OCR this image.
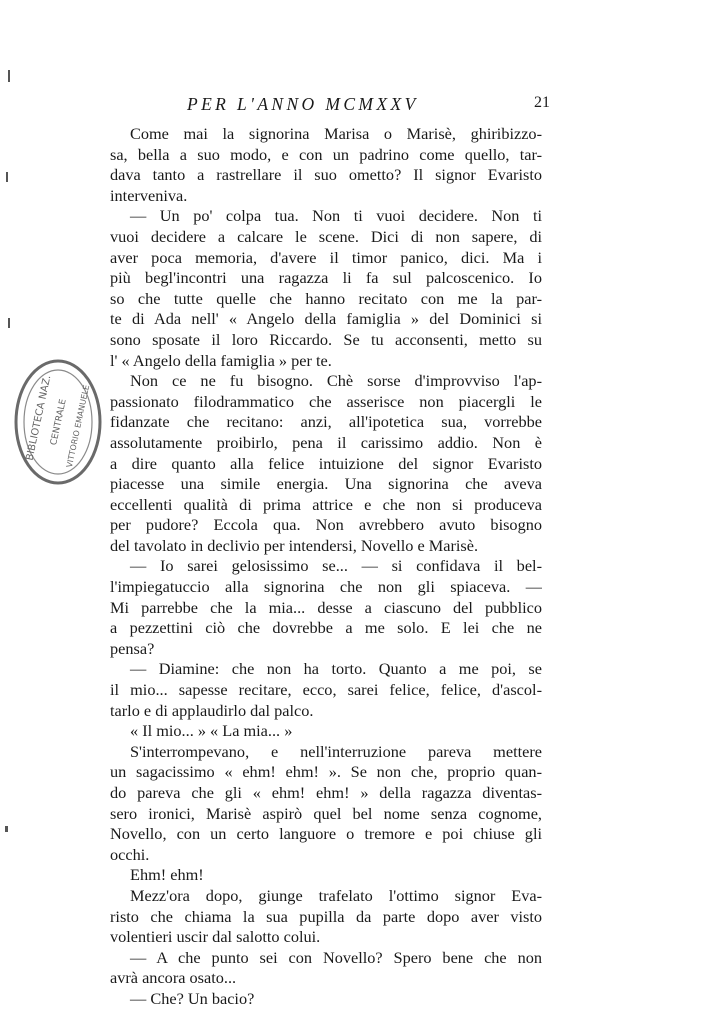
PER L'ANNO MCMXXV	21
Come mai la signorina Marisa o Marisè, ghiribizzo-
sa, bella a suo modo, e con un padrino come quello, tar-
dava tanto a rastrellare il suo ometto? Il signor Evaristo
interveniva.
— Un po' colpa tua. Non ti vuoi decidere. Non ti
vuoi decidere a calcare le scene. Dici di non sapere, di
aver poca memoria, d'avere il timor panico, dici. Ma i
più begl'incontri una ragazza li fa sul palcoscenico. Io
so che tutte quelle che hanno recitato con me la par-
te di Ada nell' « Angelo della famiglia » del Dominici si
sono sposate il loro Riccardo. Se tu acconsenti, metto su
l' « Angelo della famiglia » per te.
Non ce ne fu bisogno. Chè sorse d'improvviso l'ap-
passionato filodrammatico che asserisce non piacergli le
fidanzate che recitano: anzi, all'ipotetica sua, vorrebbe
assolutamente proibirlo, pena il carissimo addio. Non è
a dire quanto alla felice intuizione del signor Evaristo
piacesse una simile energia. Una signorina che aveva
eccellenti qualità di prima attrice e che non si produceva
per pudore? Eccola qua. Non avrebbero avuto bisogno
del tavolato in declivio per intendersi, Novello e Marisè.
— Io sarei gelosissimo se... — si confidava il bel-
l'impiegatuccio alla signorina che non gli spiaceva. —
Mi parrebbe che la mia... desse a ciascuno del pubblico
a pezzettini ciò che dovrebbe a me solo. E lei che ne
pensa?
— Diamine: che non ha torto. Quanto a me poi, se
il mio... sapesse recitare, ecco, sarei felice, felice, d'ascol-
tarlo e di applaudirlo dal palco.
« Il mio... » « La mia... »
S'interrompevano, e nell'interruzione pareva mettere
un sagacissimo « ehm! ehm! ». Se non che, proprio quan-
do pareva che gli « ehm! ehm! » della ragazza diventas-
sero ironici, Marisè aspirò quel bel nome senza cognome,
Novello, con un certo languore o tremore e poi chiuse gli
occhi.
Ehm! ehm!
Mezz'ora dopo, giunge trafelato l'ottimo signor Eva-
risto che chiama la sua pupilla da parte dopo aver visto
volentieri uscir dal salotto colui.
— A che punto sei con Novello? Spero bene che non
avrà ancora osato...
— Che? Un bacio?
BIBLIOTECA NAZ.
CENTRALE
VITTORIO EMANUELE
